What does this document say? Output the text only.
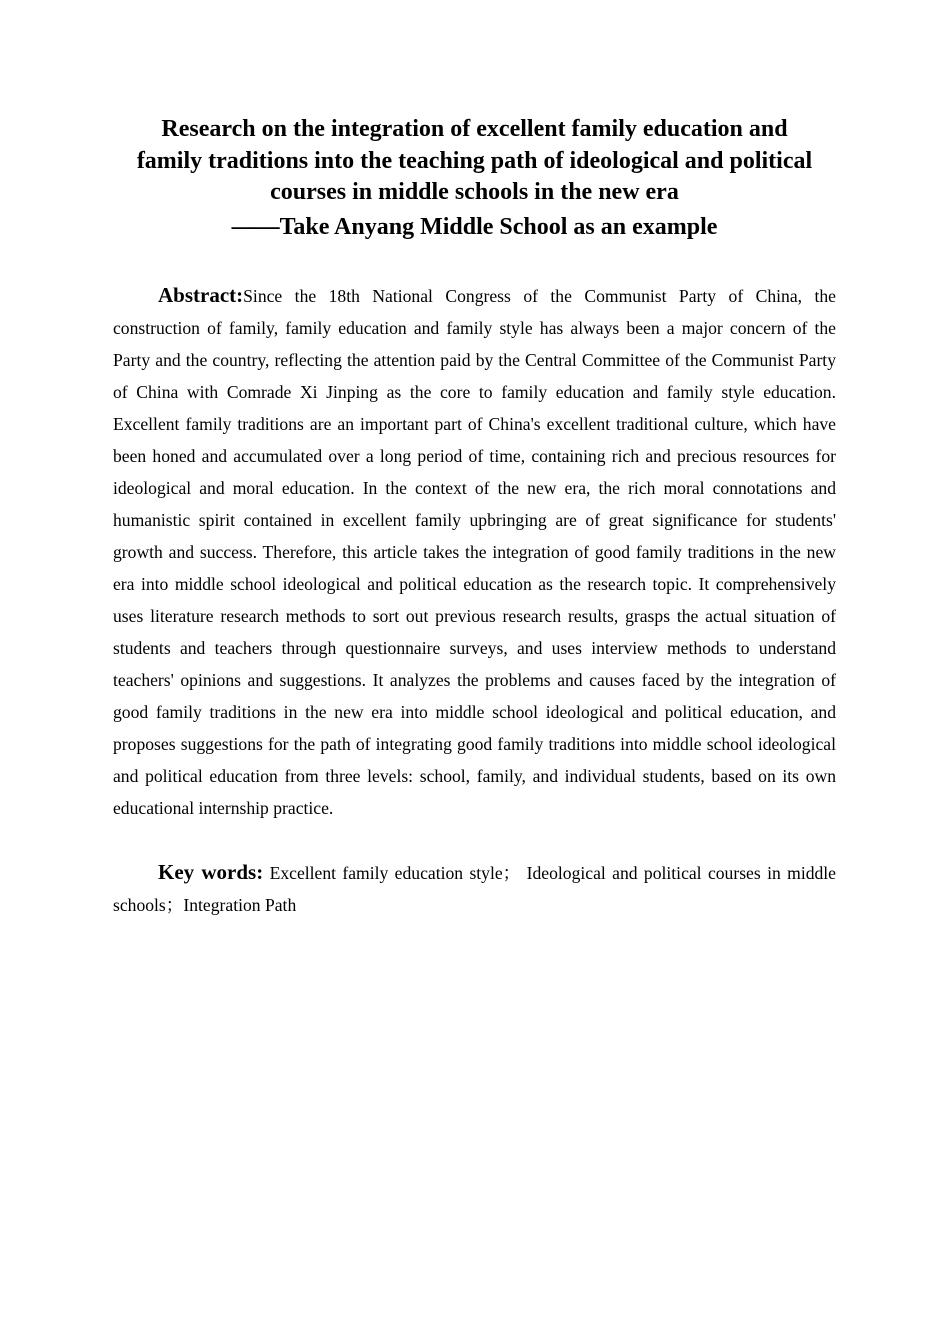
Research on the integration of excellent family education and
family traditions into the teaching path of ideological and political
courses in middle schools in the new era
——Take Anyang Middle School as an example

Abstract:Since the 18th National Congress of the Communist Party of China, the construction of family, family education and family style has always been a major concern of the Party and the country, reflecting the attention paid by the Central Committee of the Communist Party of China with Comrade Xi Jinping as the core to family education and family style education. Excellent family traditions are an important part of China's excellent traditional culture, which have been honed and accumulated over a long period of time, containing rich and precious resources for ideological and moral education. In the context of the new era, the rich moral connotations and humanistic spirit contained in excellent family upbringing are of great significance for students' growth and success. Therefore, this article takes the integration of good family traditions in the new era into middle school ideological and political education as the research topic. It comprehensively uses literature research methods to sort out previous research results, grasps the actual situation of students and teachers through questionnaire surveys, and uses interview methods to understand teachers' opinions and suggestions. It analyzes the problems and causes faced by the integration of good family traditions in the new era into middle school ideological and political education, and proposes suggestions for the path of integrating good family traditions into middle school ideological and political education from three levels: school, family, and individual students, based on its own educational internship practice.

Key words: Excellent family education style； Ideological and political courses in middle schools；Integration Path
